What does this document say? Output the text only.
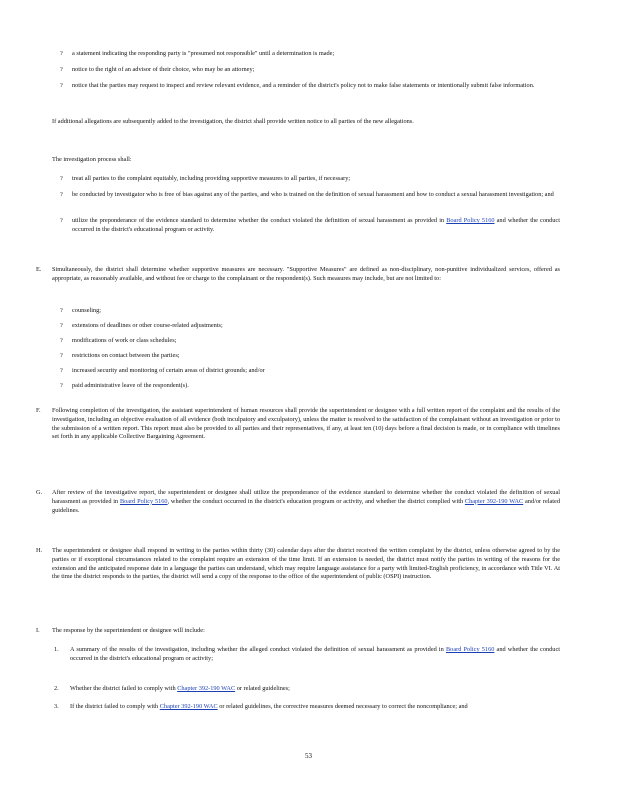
? a statement indicating the responding party is "presumed not responsible" until a determination is made;
? notice to the right of an advisor of their choice, who may be an attorney;
? notice that the parties may request to inspect and review relevant evidence, and a reminder of the district's policy not to make false statements or intentionally submit false information.
If additional allegations are subsequently added to the investigation, the district shall provide written notice to all parties of the new allegations.
The investigation process shall:
? treat all parties to the complaint equitably, including providing supportive measures to all parties, if necessary;
? be conducted by investigator who is free of bias against any of the parties, and who is trained on the definition of sexual harassment and how to conduct a sexual harassment investigation; and
? utilize the preponderance of the evidence standard to determine whether the conduct violated the definition of sexual harassment as provided in Board Policy 5160 and whether the conduct occurred in the district's educational program or activity.
E. Simultaneously, the district shall determine whether supportive measures are necessary. "Supportive Measures" are defined as non-disciplinary, non-punitive individualized services, offered as appropriate, as reasonably available, and without fee or charge to the complainant or the respondent(s). Such measures may include, but are not limited to:
? counseling;
? extensions of deadlines or other course-related adjustments;
? modifications of work or class schedules;
? restrictions on contact between the parties;
? increased security and monitoring of certain areas of district grounds; and/or
? paid administrative leave of the respondent(s).
F. Following completion of the investigation, the assistant superintendent of human resources shall provide the superintendent or designee with a full written report of the complaint and the results of the investigation, including an objective evaluation of all evidence (both inculpatory and exculpatory), unless the matter is resolved to the satisfaction of the complainant without an investigation or prior to the submission of a written report. This report must also be provided to all parties and their representatives, if any, at least ten (10) days before a final decision is made, or in compliance with timelines set forth in any applicable Collective Bargaining Agreement.
G. After review of the investigative report, the superintendent or designee shall utilize the preponderance of the evidence standard to determine whether the conduct violated the definition of sexual harassment as provided in Board Policy 5160, whether the conduct occurred in the district's education program or activity, and whether the district complied with Chapter 392-190 WAC and/or related guidelines.
H. The superintendent or designee shall respond in writing to the parties within thirty (30) calendar days after the district received the written complaint by the district, unless otherwise agreed to by the parties or if exceptional circumstances related to the complaint require an extension of the time limit. If an extension is needed, the district must notify the parties in writing of the reasons for the extension and the anticipated response date in a language the parties can understand, which may require language assistance for a party with limited-English proficiency, in accordance with Title VI. At the time the district responds to the parties, the district will send a copy of the response to the office of the superintendent of public (OSPI) instruction.
I. The response by the superintendent or designee will include:
1. A summary of the results of the investigation, including whether the alleged conduct violated the definition of sexual harassment as provided in Board Policy 5160 and whether the conduct occurred in the district's educational program or activity;
2. Whether the district failed to comply with Chapter 392-190 WAC or related guidelines;
3. If the district failed to comply with Chapter 392-190 WAC or related guidelines, the corrective measures deemed necessary to correct the noncompliance; and
53
